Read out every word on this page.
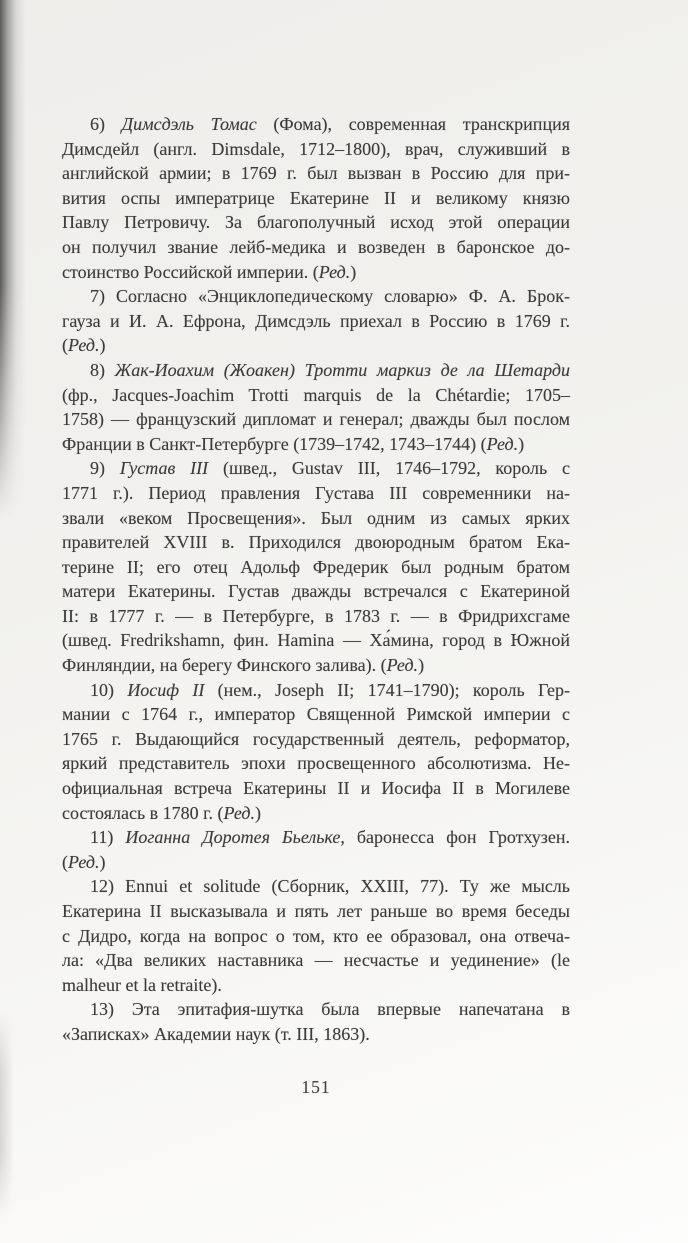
6) Димсдэль Томас (Фома), современная транскрипция
Димсдейл (англ. Dimsdale, 1712–1800), врач, служивший в
английской армии; в 1769 г. был вызван в Россию для при-
вития оспы императрице Екатерине II и великому князю
Павлу Петровичу. За благополучный исход этой операции
он получил звание лейб-медика и возведен в баронское до-
стоинство Российской империи. (Ред.)
7) Согласно «Энциклопедическому словарю» Ф. А. Брок-
гауза и И. А. Ефрона, Димсдэль приехал в Россию в 1769 г.
(Ред.)
8) Жак-Иоахим (Жоакен) Тротти маркиз де ла Шетарди
(фр., Jacques-Joachim Trotti marquis de la Chétardie; 1705–
1758) — французский дипломат и генерал; дважды был послом
Франции в Санкт-Петербурге (1739–1742, 1743–1744) (Ред.)
9) Густав III (швед., Gustav III, 1746–1792, король с
1771 г.). Период правления Густава III современники на-
звали «веком Просвещения». Был одним из самых ярких
правителей XVIII в. Приходился двоюродным братом Ека-
терине II; его отец Адольф Фредерик был родным братом
матери Екатерины. Густав дважды встречался с Екатериной
II: в 1777 г. — в Петербурге, в 1783 г. — в Фридрихсгаме
(швед. Fredrikshamn, фин. Hamina — Ха́мина, город в Южной
Финляндии, на берегу Финского залива). (Ред.)
10) Иосиф II (нем., Joseph II; 1741–1790); король Гер-
мании с 1764 г., император Священной Римской империи с
1765 г. Выдающийся государственный деятель, реформатор,
яркий представитель эпохи просвещенного абсолютизма. Не-
официальная встреча Екатерины II и Иосифа II в Могилеве
состоялась в 1780 г. (Ред.)
11) Иоганна Доротея Бьельке, баронесса фон Гротхузен.
(Ред.)
12) Ennui et solitude (Сборник, XXIII, 77). Ту же мысль
Екатерина II высказывала и пять лет раньше во время беседы
с Дидро, когда на вопрос о том, кто ее образовал, она отвеча-
ла: «Два великих наставника — несчастье и уединение» (le
malheur et la retraite).
13) Эта эпитафия-шутка была впервые напечатана в
«Записках» Академии наук (т. III, 1863).
151
